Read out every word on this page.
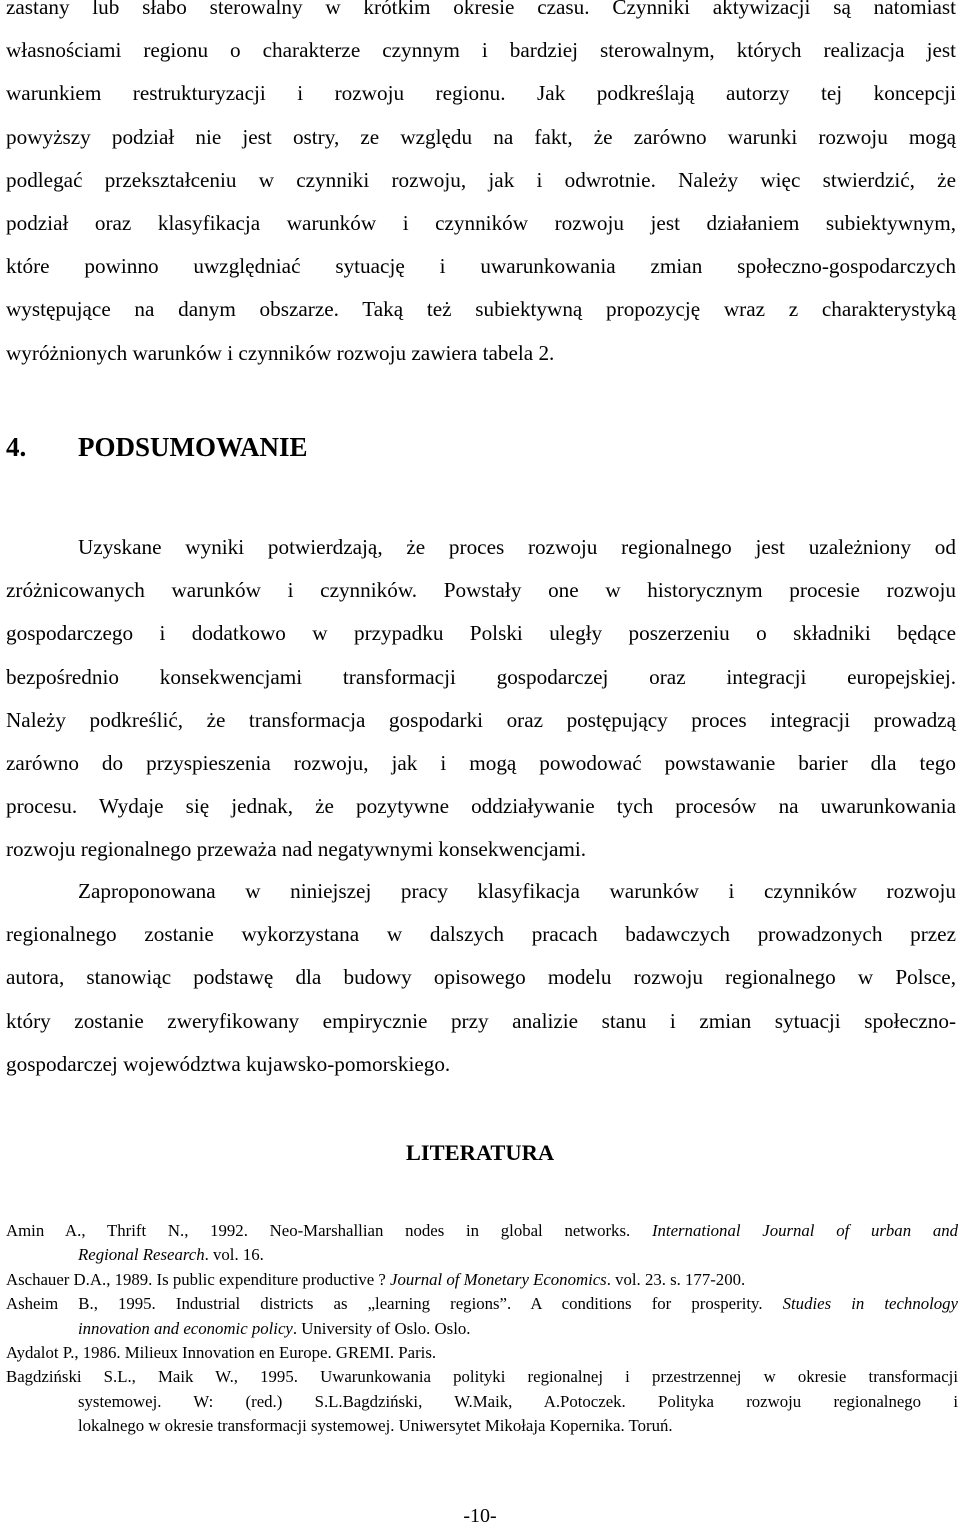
zastany lub słabo sterowalny w krótkim okresie czasu. Czynniki aktywizacji są natomiast
własnościami regionu o charakterze czynnym i bardziej sterowalnym, których realizacja jest
warunkiem restrukturyzacji i rozwoju regionu. Jak podkreślają autorzy tej koncepcji
powyższy podział nie jest ostry, ze względu na fakt, że zarówno warunki rozwoju mogą
podlegać przekształceniu w czynniki rozwoju, jak i odwrotnie. Należy więc stwierdzić, że
podział oraz klasyfikacja warunków i czynników rozwoju jest działaniem subiektywnym,
które powinno uwzględniać sytuację i uwarunkowania zmian społeczno-gospodarczych
występujące na danym obszarze. Taką też subiektywną propozycję wraz z charakterystyką
wyróżnionych warunków i czynników rozwoju zawiera tabela 2.
4. PODSUMOWANIE
Uzyskane wyniki potwierdzają, że proces rozwoju regionalnego jest uzależniony od
zróżnicowanych warunków i czynników. Powstały one w historycznym procesie rozwoju
gospodarczego i dodatkowo w przypadku Polski uległy poszerzeniu o składniki będące
bezpośrednio konsekwencjami transformacji gospodarczej oraz integracji europejskiej.
Należy podkreślić, że transformacja gospodarki oraz postępujący proces integracji prowadzą
zarówno do przyspieszenia rozwoju, jak i mogą powodować powstawanie barier dla tego
procesu. Wydaje się jednak, że pozytywne oddziaływanie tych procesów na uwarunkowania
rozwoju regionalnego przeważa nad negatywnymi konsekwencjami.
Zaproponowana w niniejszej pracy klasyfikacja warunków i czynników rozwoju
regionalnego zostanie wykorzystana w dalszych pracach badawczych prowadzonych przez
autora, stanowiąc podstawę dla budowy opisowego modelu rozwoju regionalnego w Polsce,
który zostanie zweryfikowany empirycznie przy analizie stanu i zmian sytuacji społeczno-
gospodarczej województwa kujawsko-pomorskiego.
LITERATURA
Amin A., Thrift N., 1992. Neo-Marshallian nodes in global networks. International Journal of urban and
Regional Research. vol. 16.
Aschauer D.A., 1989. Is public expenditure productive ? Journal of Monetary Economics. vol. 23. s. 177-200.
Asheim B., 1995. Industrial districts as „learning regions”. A conditions for prosperity. Studies in technology
innovation and economic policy. University of Oslo. Oslo.
Aydalot P., 1986. Milieux Innovation en Europe. GREMI. Paris.
Bagdziński S.L., Maik W., 1995. Uwarunkowania polityki regionalnej i przestrzennej w okresie transformacji
systemowej. W: (red.) S.L.Bagdziński, W.Maik, A.Potoczek. Polityka rozwoju regionalnego i
lokalnego w okresie transformacji systemowej. Uniwersytet Mikołaja Kopernika. Toruń.
-10-
